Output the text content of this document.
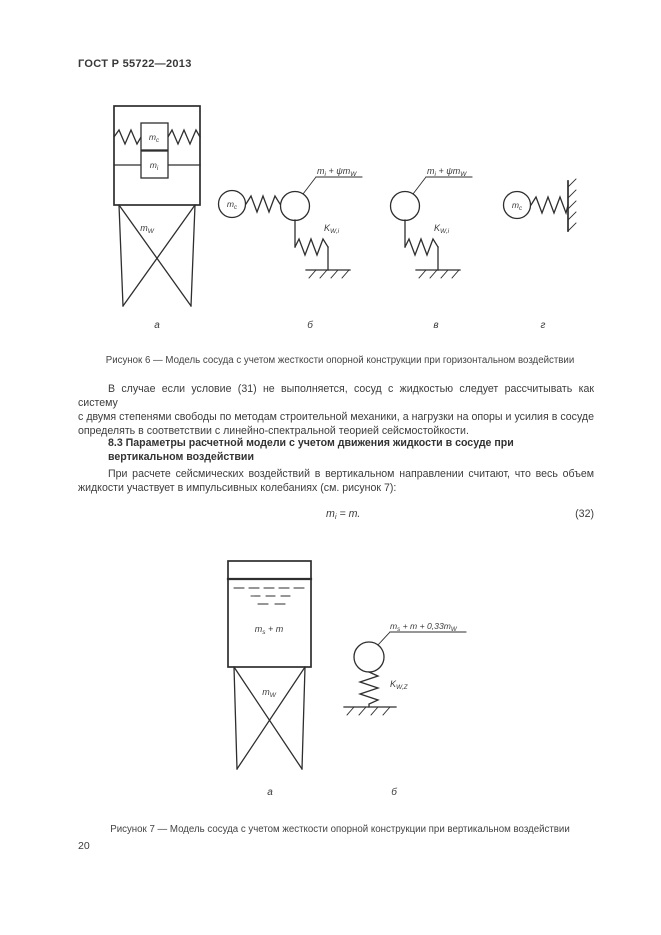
ГОСТ Р 55722—2013
$m_c$
$m_i$
$m_W$
а
$m_c$
$m_i + \psi m_W$
$K_{W,i}$
б
$m_i + \psi m_W$
$K_{W,i}$
в
$m_c$
г
Рисунок 6 — Модель сосуда с учетом жесткости опорной конструкции при горизонтальном воздействии
В случае если условие (31) не выполняется, сосуд с жидкостью следует рассчитывать как систему
с двумя степенями свободы по методам строительной механики, а нагрузки на опоры и усилия в сосуде
определять в соответствии с линейно-спектральной теорией сейсмостойкости.
8.3 Параметры расчетной модели с учетом движения жидкости в сосуде при
вертикальном воздействии
При расчете сейсмических воздействий в вертикальном направлении считают, что весь объем
жидкости участвует в импульсивных колебаниях (см. рисунок 7):
$m_i = m$.	(32)
$m_s + m$
$m_W$
а
$m_s + m + 0,33m_W$
$K_{W,Z}$
б
Рисунок 7 — Модель сосуда с учетом жесткости опорной конструкции при вертикальном воздействии
20
